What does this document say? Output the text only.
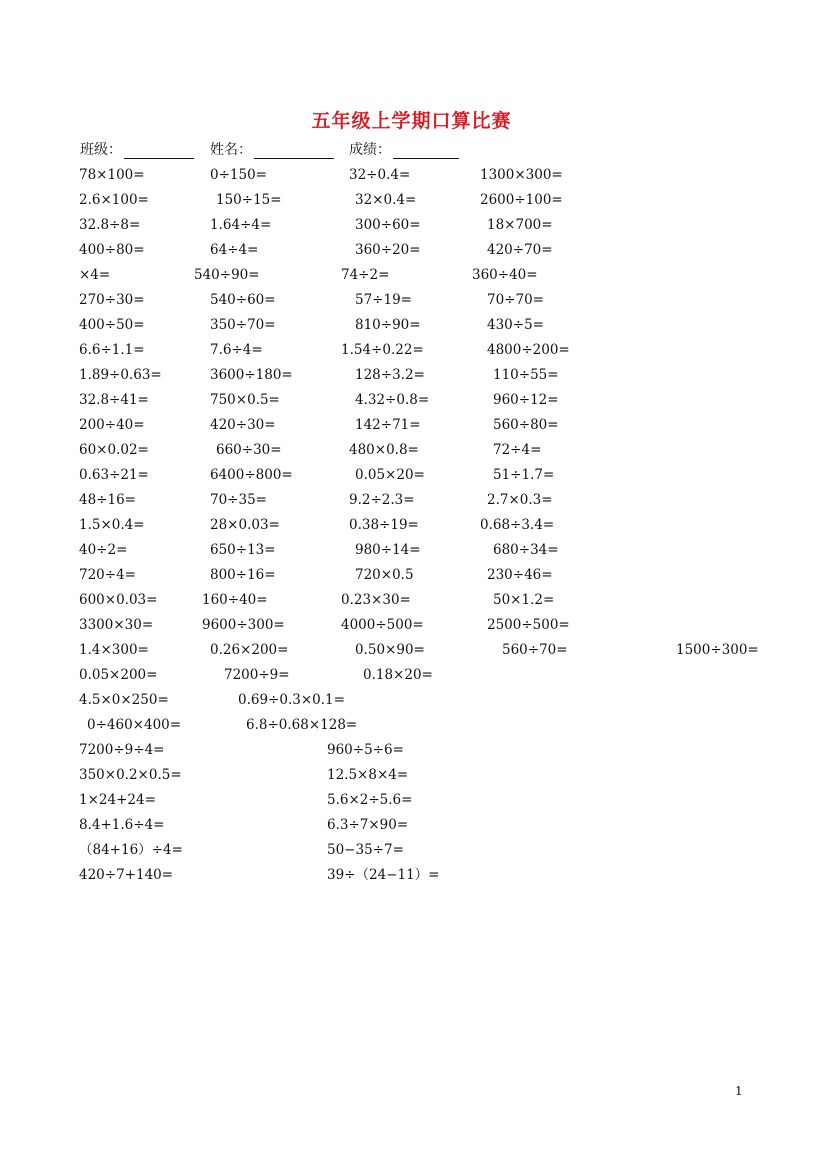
五年级上学期口算比赛
班级：	姓名：	成绩：
78×100=	0÷150=	32÷0.4=	1300×300=
2.6×100=	150÷15=	32×0.4=	2600÷100=
32.8÷8=	1.64÷4=	300÷60=	18×700=
400÷80=	64÷4=	360÷20=	420÷70=
×4=	540÷90=	74÷2=	360÷40=
270÷30=	540÷60=	57÷19=	70÷70=
400÷50=	350÷70=	810÷90=	430÷5=
6.6÷1.1=	7.6÷4=	1.54÷0.22=	4800÷200=
1.89÷0.63=	3600÷180=	128÷3.2=	110÷55=
32.8÷41=	750×0.5=	4.32÷0.8=	960÷12=
200÷40=	420÷30=	142÷71=	560÷80=
60×0.02=	660÷30=	480×0.8=	72÷4=
0.63÷21=	6400÷800=	0.05×20=	51÷1.7=
48÷16=	70÷35=	9.2÷2.3=	2.7×0.3=
1.5×0.4=	28×0.03=	0.38÷19=	0.68÷3.4=
40÷2=	650÷13=	980÷14=	680÷34=
720÷4=	800÷16=	720×0.5	230÷46=
600×0.03=	160÷40=	0.23×30=	50×1.2=
3300×30=	9600÷300=	4000÷500=	2500÷500=
1.4×300=	0.26×200=	0.50×90=	560÷70=	1500÷300=
0.05×200=	7200÷9=	0.18×20=
4.5×0×250=	0.69÷0.3×0.1=
0÷460×400=	6.8÷0.68×128=
7200÷9÷4=	960÷5÷6=
350×0.2×0.5=	12.5×8×4=
1×24+24=	5.6×2÷5.6=
8.4+1.6÷4=	6.3÷7×90=
（84+16）÷4=	50−35÷7=
420÷7+140=	39÷（24−11）=
1
